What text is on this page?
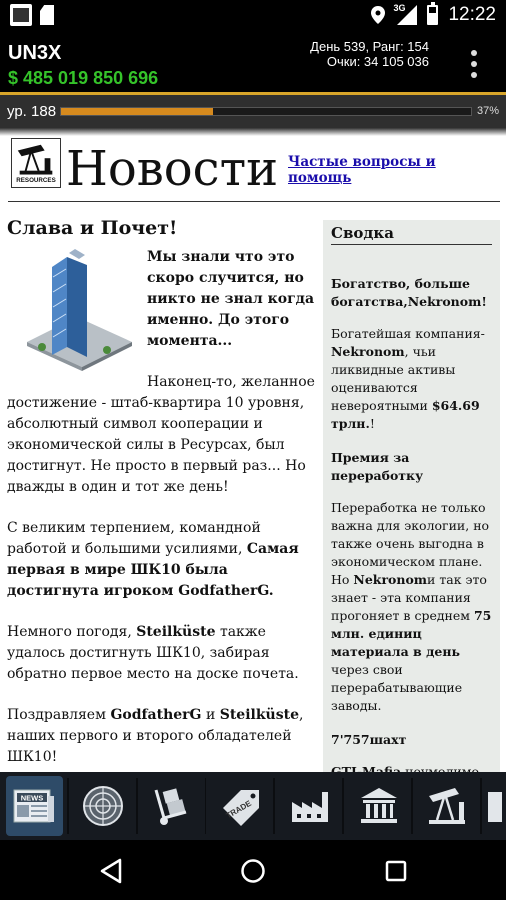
3G 12:22
UN3X
$ 485 019 850 696
День 539, Ранг: 154
Очки: 34 105 036
ур. 188	37%
RESOURCES Новости Частые вопросы и помощь
Слава и Почет!

Мы знали что это скоро случится, но никто не знал когда именно. До этого момента...

Наконец-то, желанное достижение - штаб-квартира 10 уровня, абсолютный символ кооперации и экономической силы в Ресурсах, был достигнут. Не просто в первый раз... Но дважды в один и тот же день!

С великим терпением, командной работой и большими усилиями, Самая первая в мире ШК10 была достигнута игроком GodfatherG.

Немного погодя, Steilküste также удалось достигнуть ШК10, забирая обратно первое место на доске почета.

Поздравляем GodfatherG и Steilküste, наших первого и второго обладателей ШК10!

Сводка
Богатство, больше богатства,Nekronom!

Богатейшая компания-Nekronom, чьи ликвидные активы оцениваются невероятными $64.69 трлн.!

Премия за переработку

Переработка не только важна для экологии, но также очень выгодна в экономическом плане. Но Nekronomи так это знает - эта компания прогоняет в среднем 75 млн. единиц материала в день через свои перерабатывающие заводы.

7'757шахт

NEWS
TRADE
